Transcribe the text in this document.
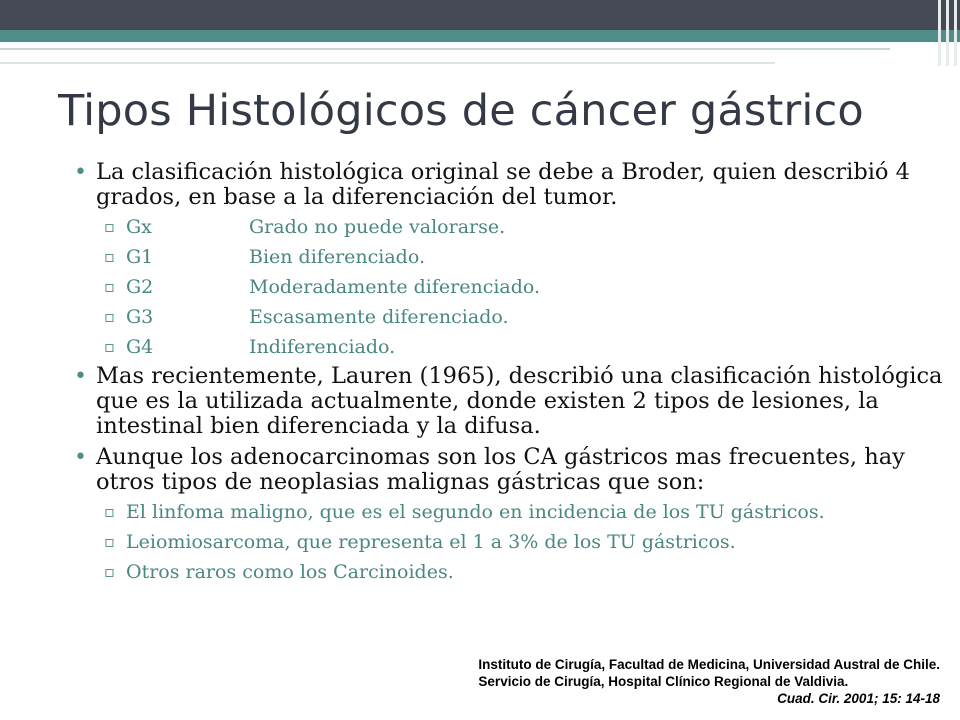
Tipos Histológicos de cáncer gástrico
• La clasificación histológica original se debe a Broder, quien describió 4 grados, en base a la diferenciación del tumor.
▫ Gx	Grado no puede valorarse.
▫ G1	Bien diferenciado.
▫ G2	Moderadamente diferenciado.
▫ G3	Escasamente diferenciado.
▫ G4	Indiferenciado.
• Mas recientemente, Lauren (1965), describió una clasificación histológica que es la utilizada actualmente, donde existen 2 tipos de lesiones, la intestinal bien diferenciada y la difusa.
• Aunque los adenocarcinomas son los CA gástricos mas frecuentes, hay otros tipos de neoplasias malignas gástricas que son:
▫ El linfoma maligno, que es el segundo en incidencia de los TU gástricos.
▫ Leiomiosarcoma, que representa el 1 a 3% de los TU gástricos.
▫ Otros raros como los Carcinoides.
Instituto de Cirugía, Facultad de Medicina, Universidad Austral de Chile.
Servicio de Cirugía, Hospital Clínico Regional de Valdivia.
Cuad. Cir. 2001; 15: 14-18
